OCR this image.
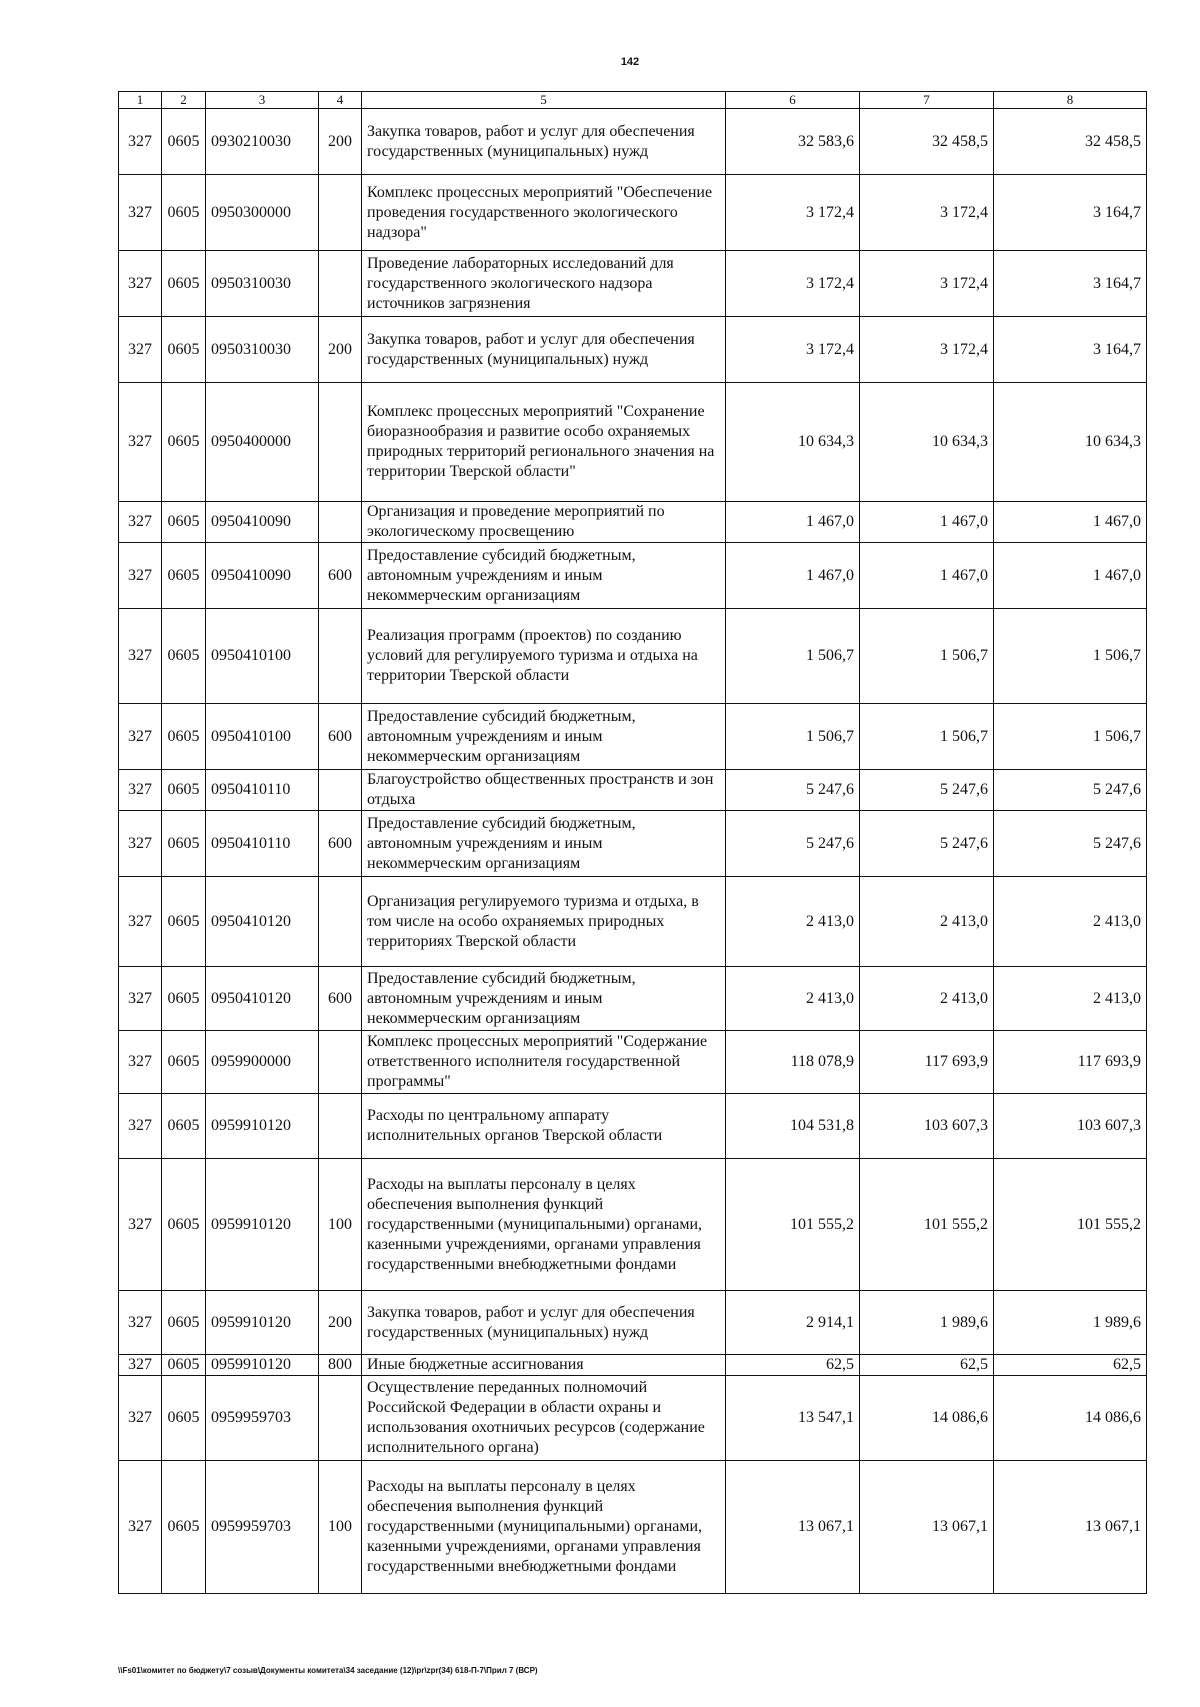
142
1	2	3	4	5	6	7	8
327	0605	0930210030	200	Закупка товаров, работ и услуг для обеспечения государственных (муниципальных) нужд	32 583,6	32 458,5	32 458,5
327	0605	0950300000		Комплекс процессных мероприятий "Обеспечение проведения государственного экологического надзора"	3 172,4	3 172,4	3 164,7
327	0605	0950310030		Проведение лабораторных исследований для государственного экологического надзора источников загрязнения	3 172,4	3 172,4	3 164,7
327	0605	0950310030	200	Закупка товаров, работ и услуг для обеспечения государственных (муниципальных) нужд	3 172,4	3 172,4	3 164,7
327	0605	0950400000		Комплекс процессных мероприятий "Сохранение биоразнообразия и развитие особо охраняемых природных территорий регионального значения на территории Тверской области"	10 634,3	10 634,3	10 634,3
327	0605	0950410090		Организация и проведение мероприятий по экологическому просвещению	1 467,0	1 467,0	1 467,0
327	0605	0950410090	600	Предоставление субсидий бюджетным, автономным учреждениям и иным некоммерческим организациям	1 467,0	1 467,0	1 467,0
327	0605	0950410100		Реализация программ (проектов) по созданию условий для регулируемого туризма и отдыха на территории Тверской области	1 506,7	1 506,7	1 506,7
327	0605	0950410100	600	Предоставление субсидий бюджетным, автономным учреждениям и иным некоммерческим организациям	1 506,7	1 506,7	1 506,7
327	0605	0950410110		Благоустройство общественных пространств и зон отдыха	5 247,6	5 247,6	5 247,6
327	0605	0950410110	600	Предоставление субсидий бюджетным, автономным учреждениям и иным некоммерческим организациям	5 247,6	5 247,6	5 247,6
327	0605	0950410120		Организация регулируемого туризма и отдыха, в том числе на особо охраняемых природных территориях Тверской области	2 413,0	2 413,0	2 413,0
327	0605	0950410120	600	Предоставление субсидий бюджетным, автономным учреждениям и иным некоммерческим организациям	2 413,0	2 413,0	2 413,0
327	0605	0959900000		Комплекс процессных мероприятий "Содержание ответственного исполнителя государственной программы"	118 078,9	117 693,9	117 693,9
327	0605	0959910120		Расходы по центральному аппарату исполнительных органов Тверской области	104 531,8	103 607,3	103 607,3
327	0605	0959910120	100	Расходы на выплаты персоналу в целях обеспечения выполнения функций государственными (муниципальными) органами, казенными учреждениями, органами управления государственными внебюджетными фондами	101 555,2	101 555,2	101 555,2
327	0605	0959910120	200	Закупка товаров, работ и услуг для обеспечения государственных (муниципальных) нужд	2 914,1	1 989,6	1 989,6
327	0605	0959910120	800	Иные бюджетные ассигнования	62,5	62,5	62,5
327	0605	0959959703		Осуществление переданных полномочий Российской Федерации в области охраны и использования охотничьих ресурсов (содержание исполнительного органа)	13 547,1	14 086,6	14 086,6
327	0605	0959959703	100	Расходы на выплаты персоналу в целях обеспечения выполнения функций государственными (муниципальными) органами, казенными учреждениями, органами управления государственными внебюджетными фондами	13 067,1	13 067,1	13 067,1
\\Fs01\комитет по бюджету\7 созыв\Документы комитета\34 заседание (12)\pr\zpr(34) 618-П-7\Прил 7 (ВСР)
